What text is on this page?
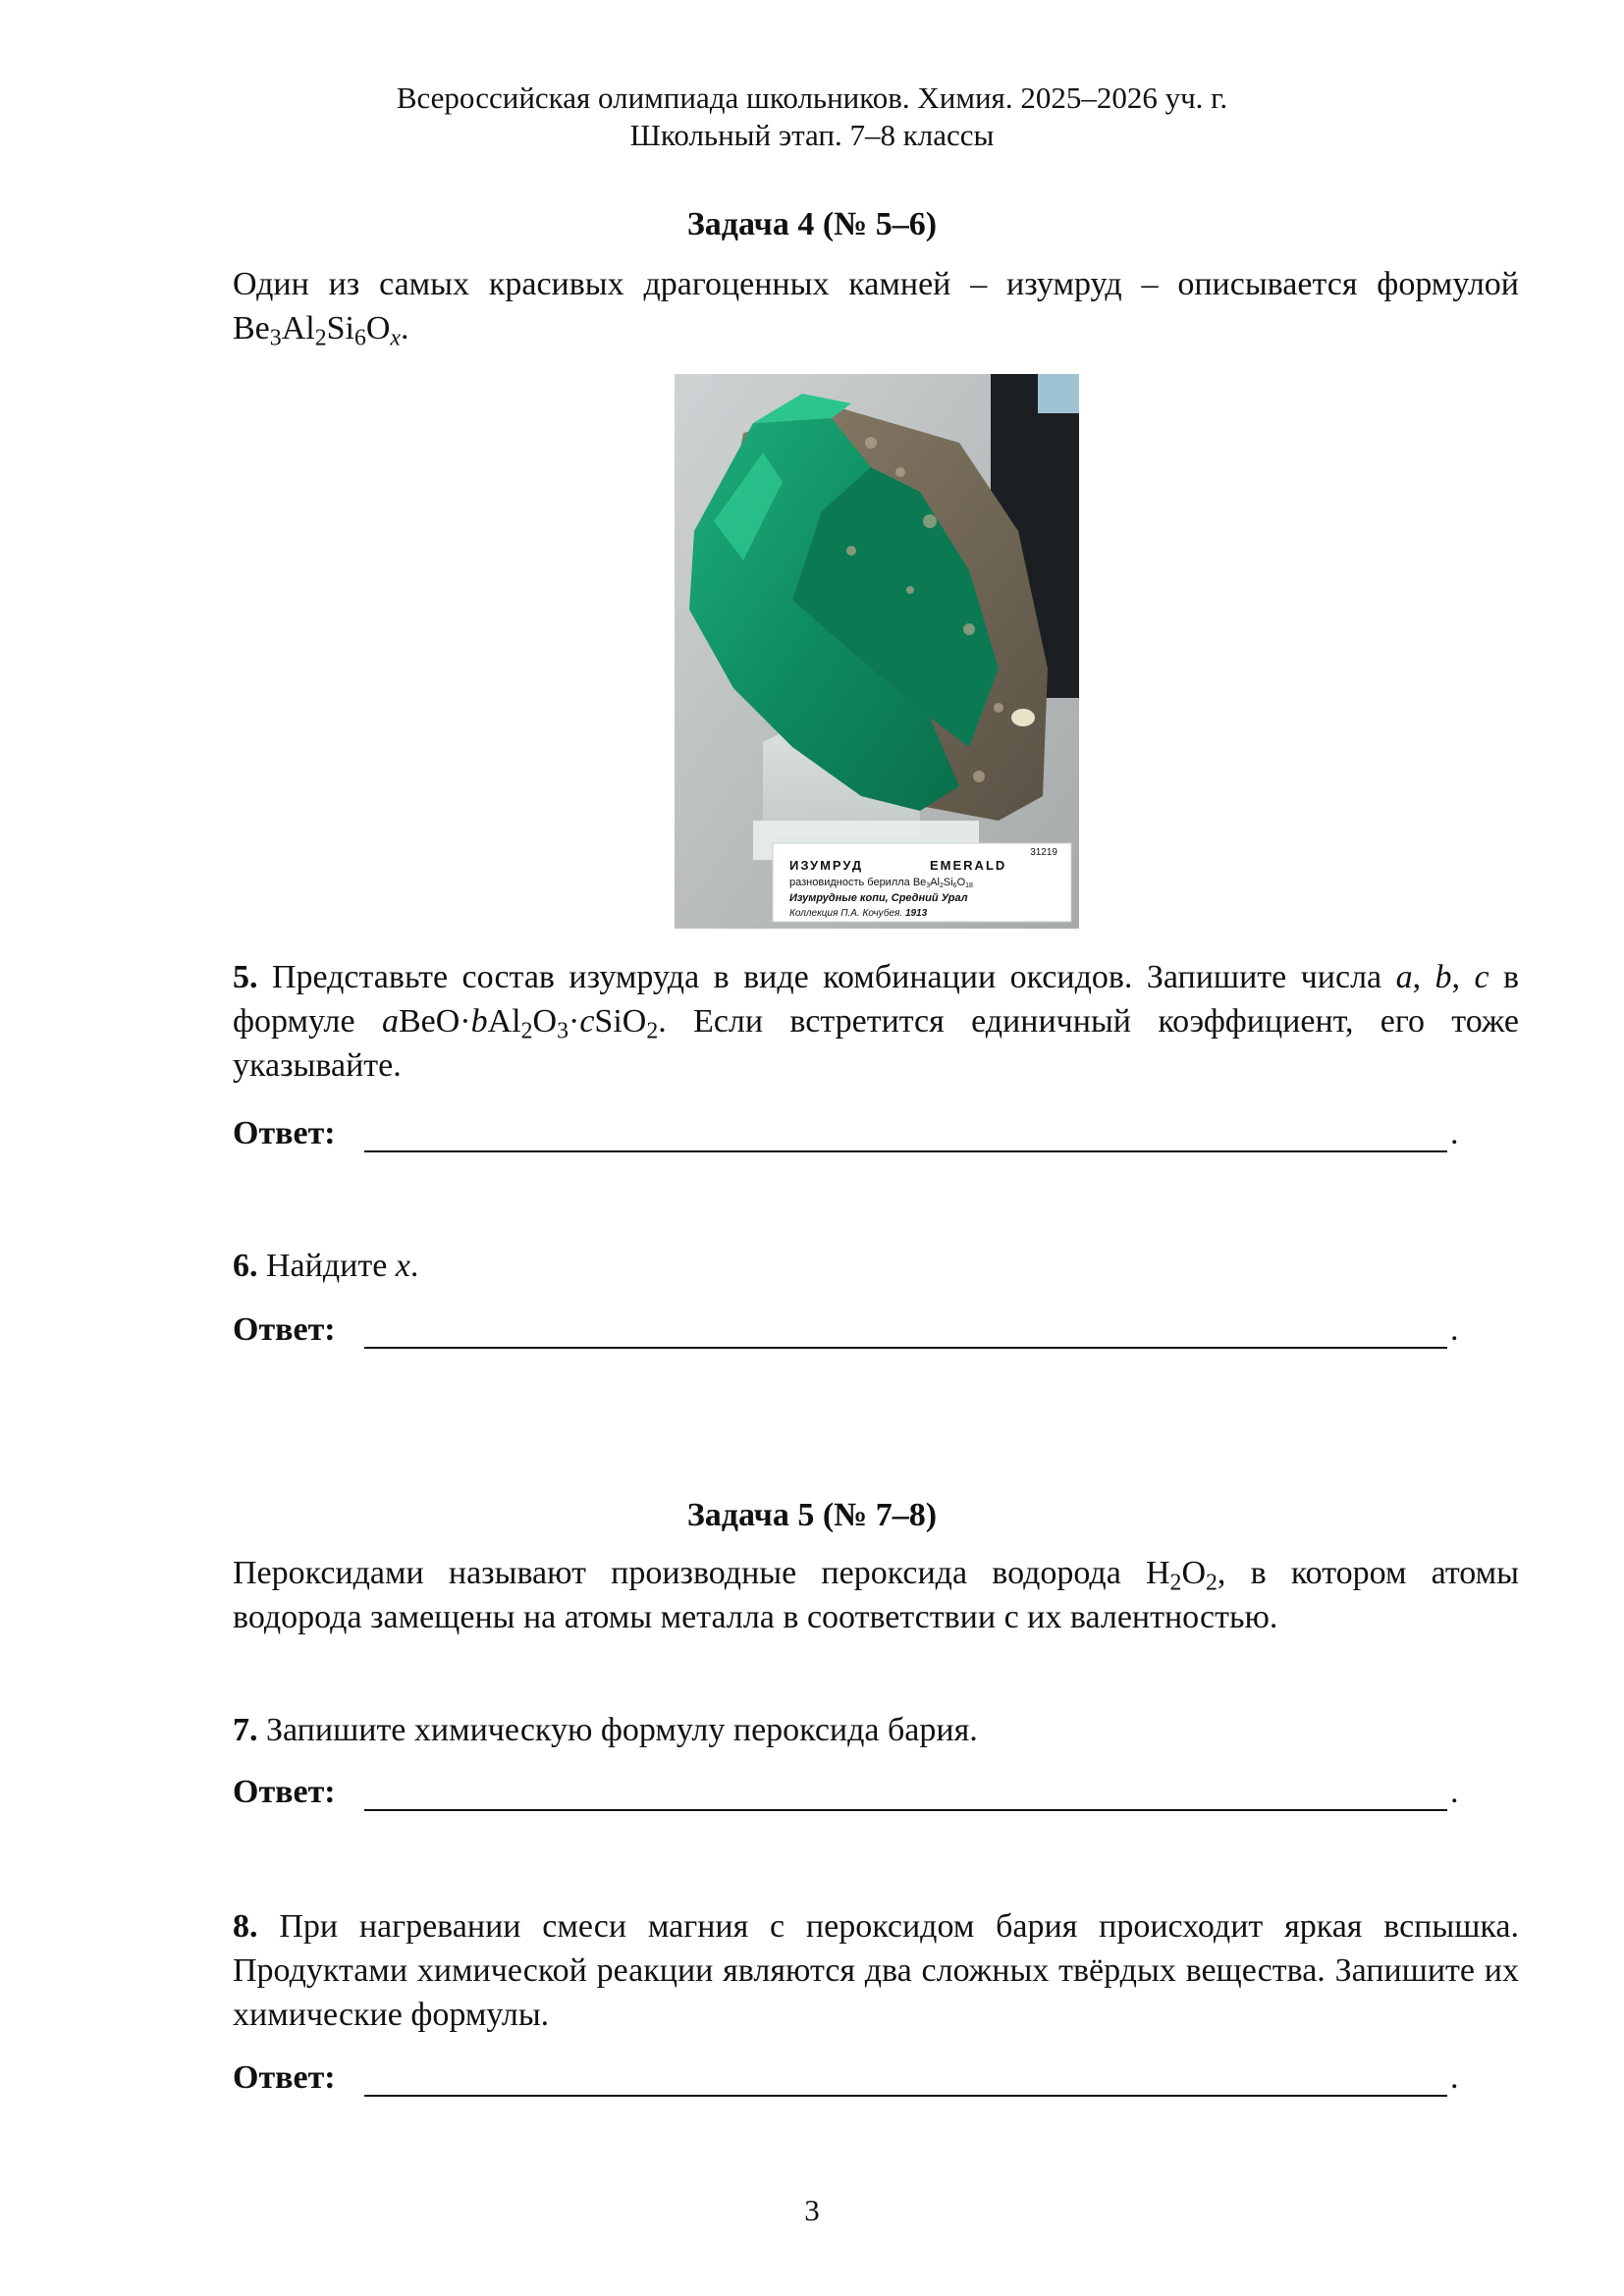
Всероссийская олимпиада школьников. Химия. 2025–2026 уч. г.
Школьный этап. 7–8 классы
Задача 4 (№ 5–6)
Один из самых красивых драгоценных камней – изумруд – описывается формулой $Be_3Al_2Si_6O_x$.
31219
ИЗУМРУД	EMERALD
разновидность берилла Be3Al2Si6O18
Изумрудные копи, Средний Урал
Коллекция П.А. Кочубея. 1913
5. Представьте состав изумруда в виде комбинации оксидов. Запишите числа a, b, c в формуле $aBeO\cdot bAl_2O_3\cdot cSiO_2$. Если встретится единичный коэффициент, его тоже указывайте.
Ответ:	.
6. Найдите x.
Ответ:	.
Задача 5 (№ 7–8)
Пероксидами называют производные пероксида водорода $H_2O_2$, в котором атомы водорода замещены на атомы металла в соответствии с их валентностью.
7. Запишите химическую формулу пероксида бария.
Ответ:	.
8. При нагревании смеси магния с пероксидом бария происходит яркая вспышка. Продуктами химической реакции являются два сложных твёрдых вещества. Запишите их химические формулы.
Ответ:	.
3
